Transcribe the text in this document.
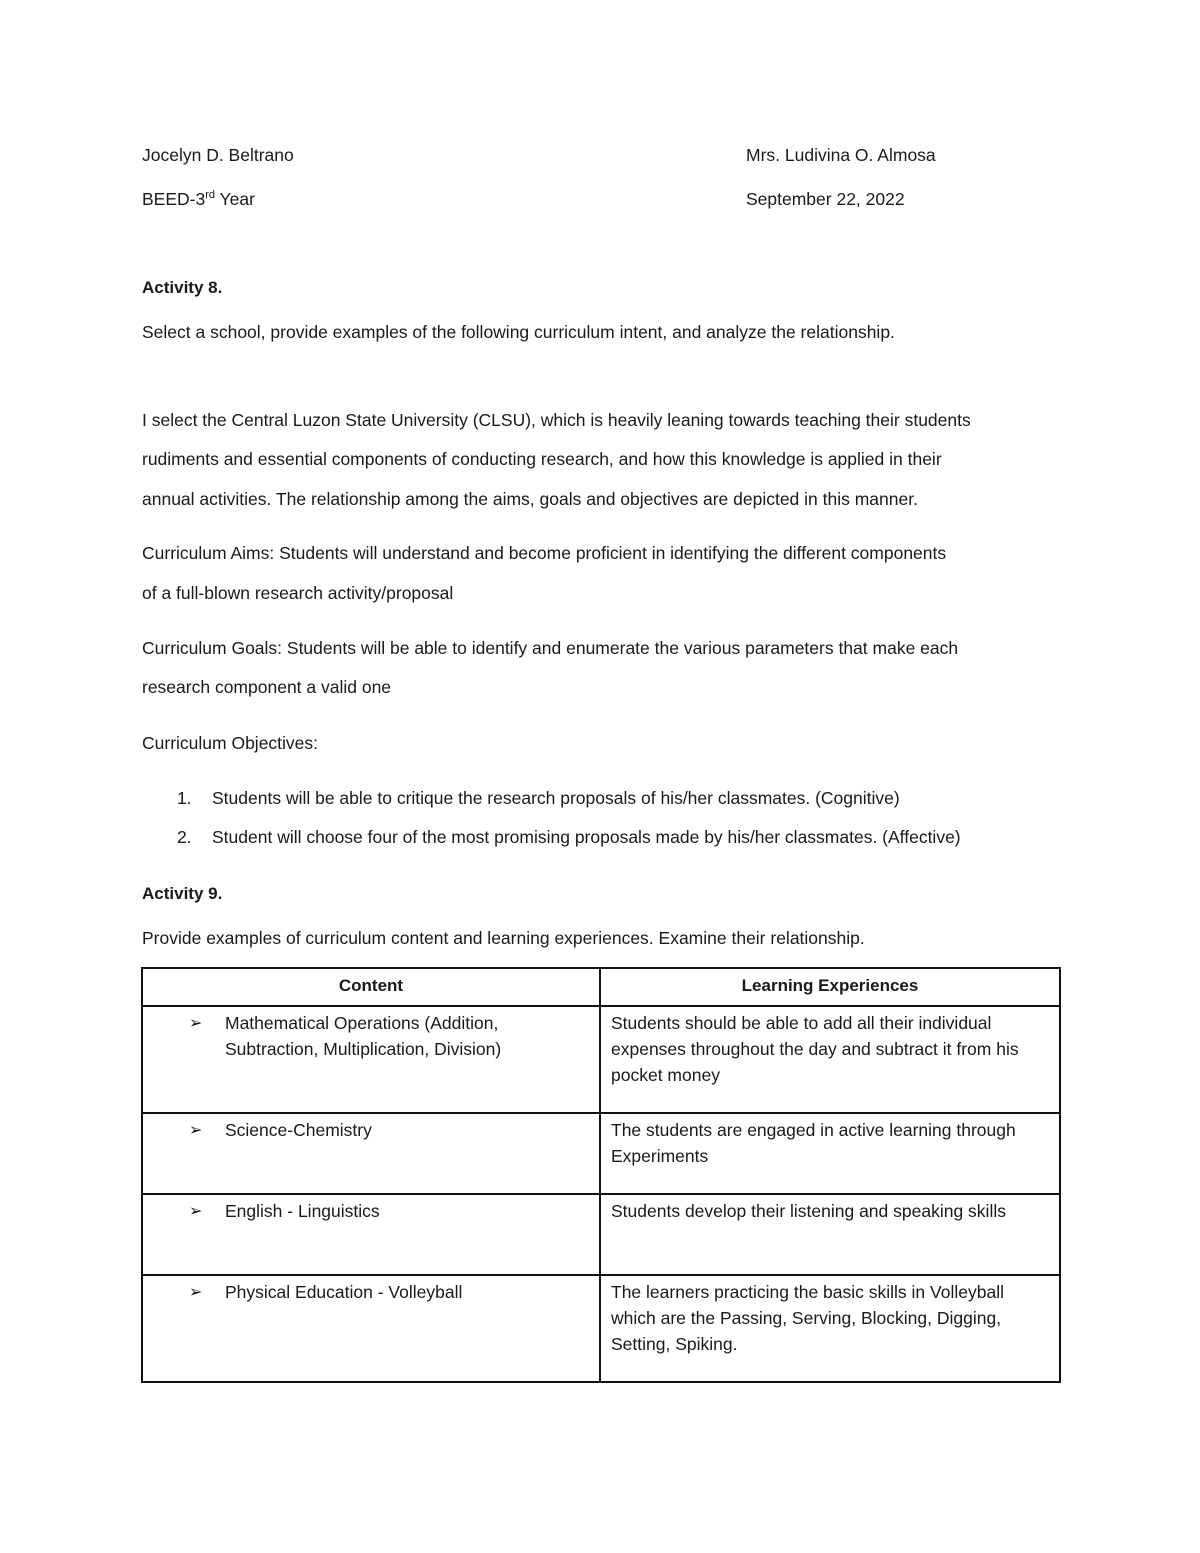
Jocelyn D. Beltrano	Mrs. Ludivina O. Almosa
BEED-3rd Year	September 22, 2022
Activity 8.
Select a school, provide examples of the following curriculum intent, and analyze the relationship.
I select the Central Luzon State University (CLSU), which is heavily leaning towards teaching their students
rudiments and essential components of conducting research, and how this knowledge is applied in their
annual activities. The relationship among the aims, goals and objectives are depicted in this manner.
Curriculum Aims: Students will understand and become proficient in identifying the different components
of a full-blown research activity/proposal
Curriculum Goals: Students will be able to identify and enumerate the various parameters that make each
research component a valid one
Curriculum Objectives:
1. Students will be able to critique the research proposals of his/her classmates. (Cognitive)
2. Student will choose four of the most promising proposals made by his/her classmates. (Affective)
Activity 9.
Provide examples of curriculum content and learning experiences. Examine their relationship.
Content	Learning Experiences

➢ Mathematical Operations (Addition, Subtraction, Multiplication, Division)	Students should be able to add all their individual expenses throughout the day and subtract it from his pocket money

➢ Science-Chemistry	The students are engaged in active learning through Experiments

➢ English - Linguistics	Students develop their listening and speaking skills

➢ Physical Education - Volleyball	The learners practicing the basic skills in Volleyball which are the Passing, Serving, Blocking, Digging, Setting, Spiking.
